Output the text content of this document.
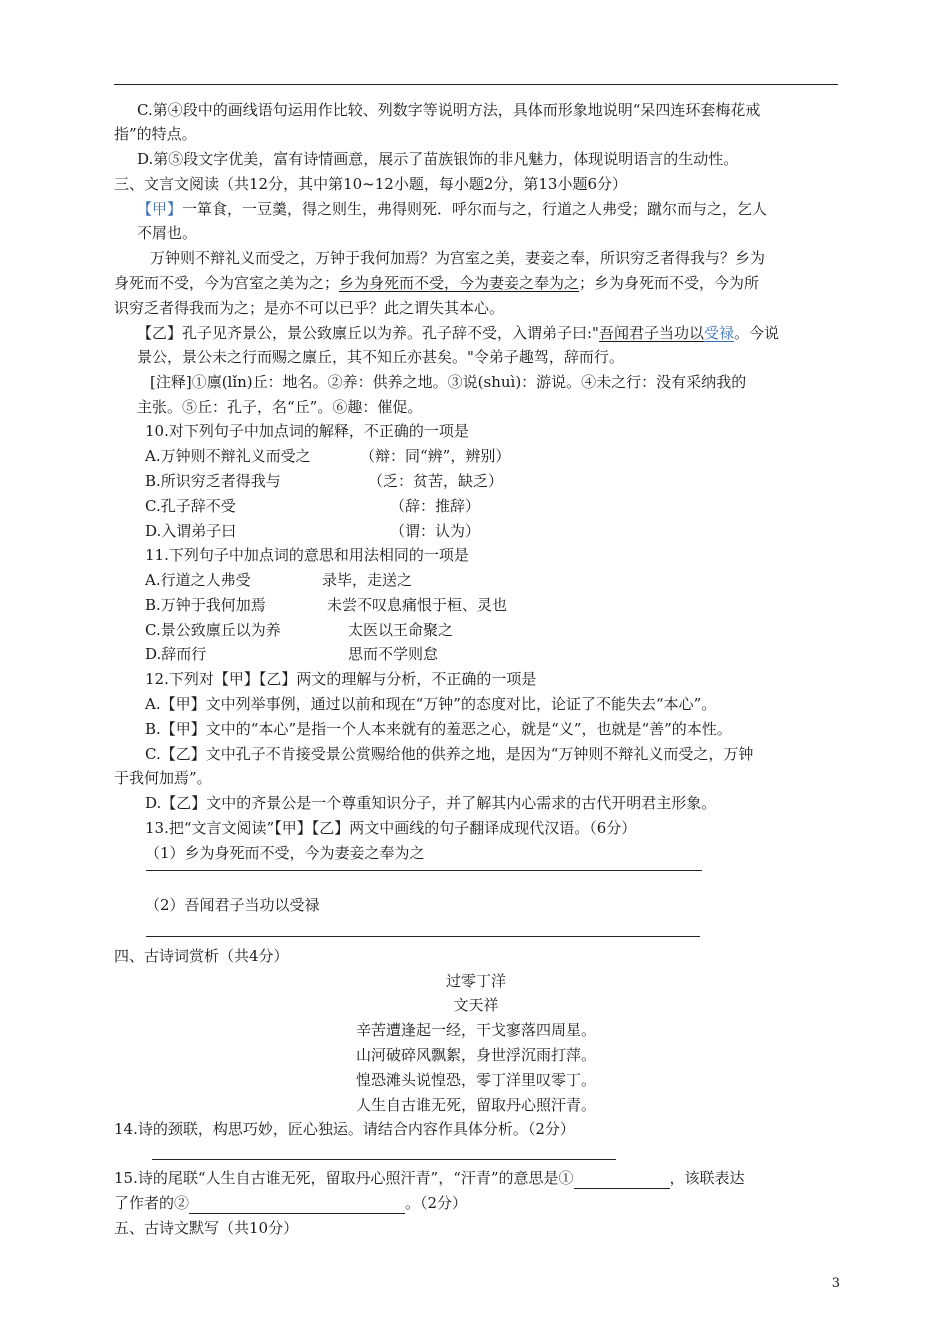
C.第④段中的画线语句运用作比较、列数字等说明方法，具体而形象地说明“呆四连环套梅花戒
指”的特点。
D.第⑤段文字优美，富有诗情画意，展示了苗族银饰的非凡魅力，体现说明语言的生动性。
三、文言文阅读（共12分，其中第10~12小题，每小题2分，第13小题6分）
【甲】一箪食，一豆羹，得之则生，弗得则死．呼尔而与之，行道之人弗受；蹴尔而与之，乞人
不屑也。
万钟则不辩礼义而受之，万钟于我何加焉？为宫室之美，妻妾之奉，所识穷乏者得我与？乡为
身死而不受，今为宫室之美为之；乡为身死而不受，今为妻妾之奉为之；乡为身死而不受，今为所
识穷乏者得我而为之；是亦不可以已乎？此之谓失其本心。
【乙】孔子见齐景公，景公致廪丘以为养。孔子辞不受，入谓弟子曰:"吾闻君子当功以受禄。今说
景公，景公未之行而赐之廪丘，其不知丘亦甚矣。"令弟子趣驾，辞而行。
[注释]①廪(lǐn)丘：地名。②养：供养之地。③说(shuì)：游说。④未之行：没有采纳我的
主张。⑤丘：孔子，名“丘”。⑥趣：催促。
10.对下列句子中加点词的解释，不正确的一项是
A.万钟则不辩礼义而受之	（辩：同“辨”，辨别）
B.所识穷乏者得我与	（乏：贫苦，缺乏）
C.孔子辞不受	（辞：推辞）
D.入谓弟子曰	（谓：认为）
11.下列句子中加点词的意思和用法相同的一项是
A.行道之人弗受	录毕，走送之
B.万钟于我何加焉	未尝不叹息痛恨于桓、灵也
C.景公致廪丘以为养	太医以王命聚之
D.辞而行	思而不学则怠
12.下列对【甲】【乙】两文的理解与分析，不正确的一项是
A.【甲】文中列举事例，通过以前和现在“万钟”的态度对比，论证了不能失去“本心”。
B.【甲】文中的“本心”是指一个人本来就有的羞恶之心，就是“义”，也就是“善”的本性。
C.【乙】文中孔子不肯接受景公赏赐给他的供养之地，是因为“万钟则不辩礼义而受之，万钟
于我何加焉”。
D.【乙】文中的齐景公是一个尊重知识分子，并了解其内心需求的古代开明君主形象。
13.把“文言文阅读”【甲】【乙】两文中画线的句子翻译成现代汉语。（6分）
（1）乡为身死而不受，今为妻妾之奉为之
（2）吾闻君子当功以受禄
四、古诗词赏析（共4分）
过零丁洋
文天祥
辛苦遭逢起一经，干戈寥落四周星。
山河破碎风飘絮，身世浮沉雨打萍。
惶恐滩头说惶恐，零丁洋里叹零丁。
人生自古谁无死，留取丹心照汗青。
14.诗的颈联，构思巧妙，匠心独运。请结合内容作具体分析。（2分）
15.诗的尾联“人生自古谁无死，留取丹心照汗青”，“汗青”的意思是①	，该联表达
了作者的②	。（2分）
五、古诗文默写（共10分）
3
